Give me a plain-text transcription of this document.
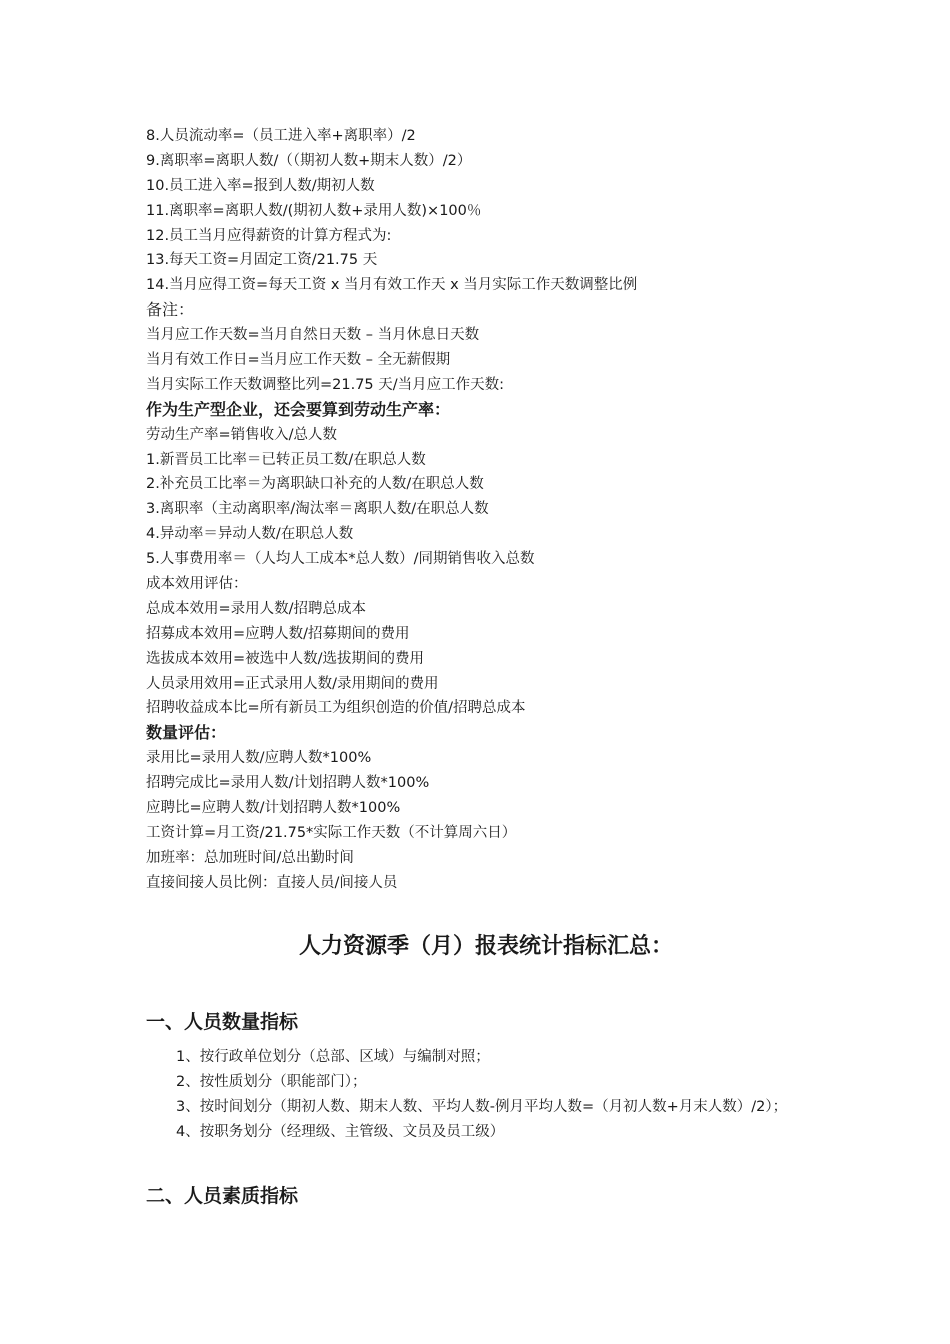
8.人员流动率=（员工进入率+离职率）/2
9.离职率=离职人数/（（期初人数+期末人数）/2）
10.员工进入率=报到人数/期初人数
11.离职率=离职人数/(期初人数+录用人数)×100％
12.员工当月应得薪资的计算方程式为:
13.每天工资=月固定工资/21.75 天
14.当月应得工资=每天工资 x 当月有效工作天 x 当月实际工作天数调整比例
备注：
当月应工作天数=当月自然日天数 – 当月休息日天数
当月有效工作日=当月应工作天数 – 全无薪假期
当月实际工作天数调整比列=21.75 天/当月应工作天数:
作为生产型企业，还会要算到劳动生产率：
劳动生产率=销售收入/总人数
1.新晋员工比率＝已转正员工数/在职总人数
2.补充员工比率＝为离职缺口补充的人数/在职总人数
3.离职率（主动离职率/淘汰率＝离职人数/在职总人数
4.异动率＝异动人数/在职总人数
5.人事费用率＝（人均人工成本*总人数）/同期销售收入总数
成本效用评估：
总成本效用=录用人数/招聘总成本
招募成本效用=应聘人数/招募期间的费用
选拔成本效用=被选中人数/选拔期间的费用
人员录用效用=正式录用人数/录用期间的费用
招聘收益成本比=所有新员工为组织创造的价值/招聘总成本
数量评估：
录用比=录用人数/应聘人数*100%
招聘完成比=录用人数/计划招聘人数*100%
应聘比=应聘人数/计划招聘人数*100%
工资计算=月工资/21.75*实际工作天数（不计算周六日）
加班率：总加班时间/总出勤时间
直接间接人员比例：直接人员/间接人员
人力资源季（月）报表统计指标汇总：
一、人员数量指标
1、按行政单位划分（总部、区域）与编制对照；
2、按性质划分（职能部门）；
3、按时间划分（期初人数、期末人数、平均人数-例月平均人数=（月初人数+月末人数）/2）；
4、按职务划分（经理级、主管级、文员及员工级）
二、人员素质指标
